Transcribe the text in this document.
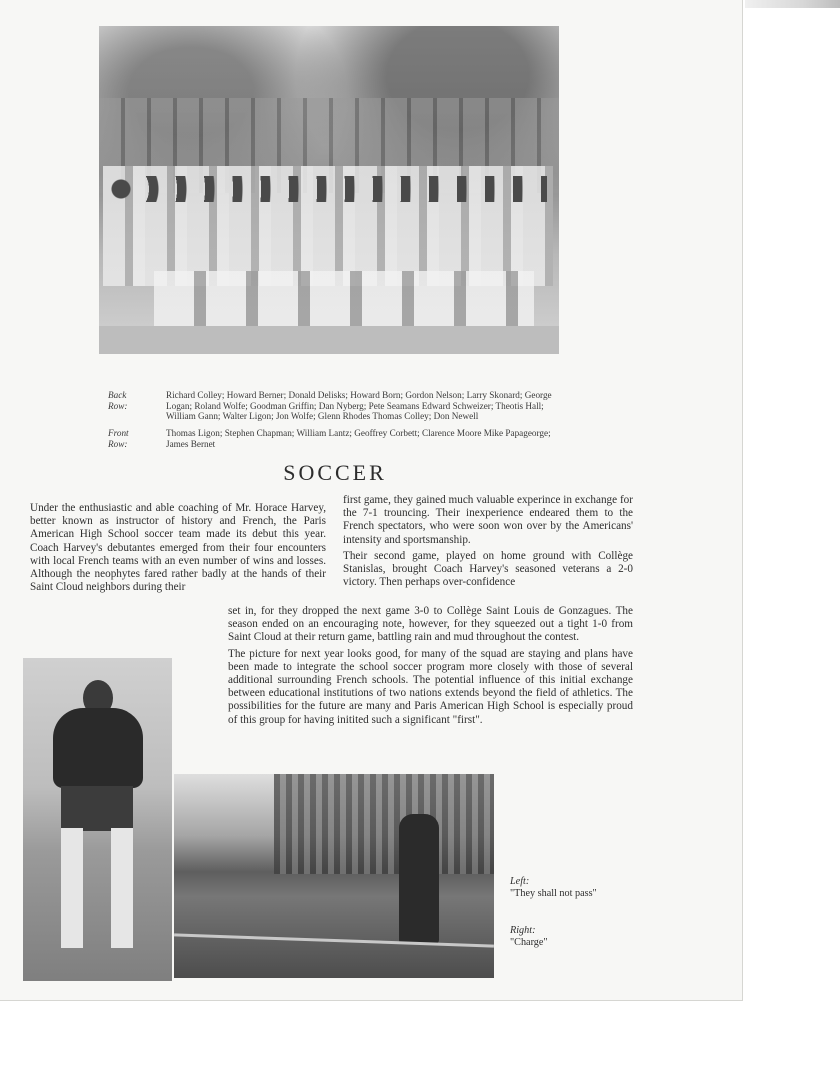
Back Row:
Richard Colley; Howard Berner; Donald Delisks; Howard Born; Gordon Nelson; Larry Skonard; George Logan; Roland Wolfe; Goodman Griffin; Dan Nyberg; Pete Seamans Edward Schweizer; Theotis Hall; William Gann; Walter Ligon; Jon Wolfe; Glenn Rhodes Thomas Colley; Don Newell
Front Row:
Thomas Ligon; Stephen Chapman; William Lantz; Geoffrey Corbett; Clarence Moore Mike Papageorge; James Bernet
SOCCER

Under the enthusiastic and able coaching of Mr. Horace Harvey, better known as instructor of history and French, the Paris American High School soccer team made its debut this year. Coach Harvey's debutantes emerged from their four encounters with local French teams with an even number of wins and losses. Although the neophytes fared rather badly at the hands of their Saint Cloud neighbors during their

first game, they gained much valuable experince in exchange for the 7-1 trouncing. Their inexperience endeared them to the French spectators, who were soon won over by the Americans' intensity and sportsmanship.

Their second game, played on home ground with Collège Stanislas, brought Coach Harvey's seasoned veterans a 2-0 victory. Then perhaps over-confidence

set in, for they dropped the next game 3-0 to Collège Saint Louis de Gonzagues. The season ended on an encouraging note, however, for they squeezed out a tight 1-0 from Saint Cloud at their return game, battling rain and mud throughout the contest.

The picture for next year looks good, for many of the squad are staying and plans have been made to integrate the school soccer program more closely with those of several additional surrounding French schools. The potential influence of this initial exchange between educational institutions of two nations extends beyond the field of athletics. The possibilities for the future are many and Paris American High School is especially proud of this group for having initited such a significant "first".

Left:
"They shall not pass"
Right:
"Charge"
